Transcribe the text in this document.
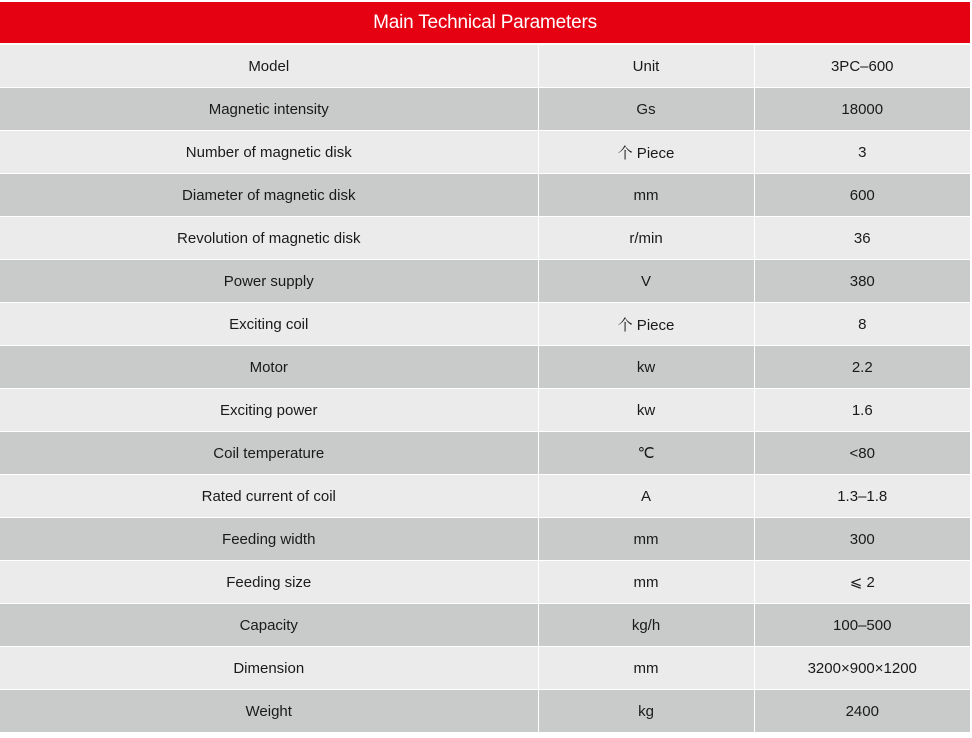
Main Technical Parameters
Model	Unit	3PC–600
Magnetic intensity	Gs	18000
Number of magnetic disk	个 Piece	3
Diameter of magnetic disk	mm	600
Revolution of magnetic disk	r/min	36
Power supply	V	380
Exciting coil	个 Piece	8
Motor	kw	2.2
Exciting power	kw	1.6
Coil temperature	℃	<80
Rated current of coil	A	1.3–1.8
Feeding width	mm	300
Feeding size	mm	⩽ 2
Capacity	kg/h	100–500
Dimension	mm	3200×900×1200
Weight	kg	2400
